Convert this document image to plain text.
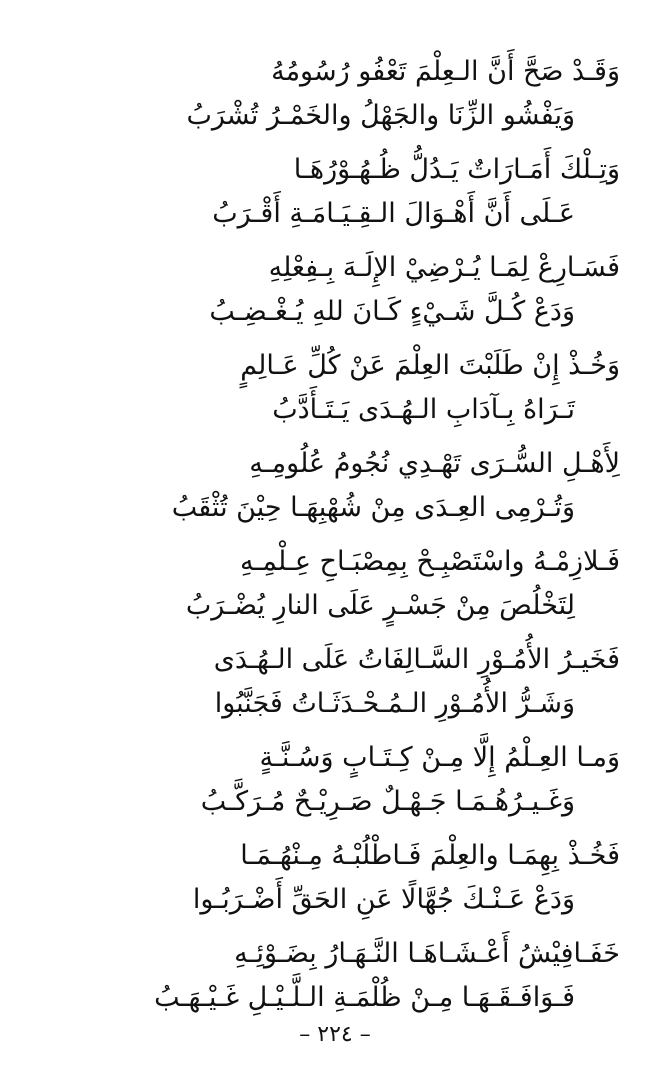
وَقَـدْ صَحَّ أَنَّ الـعِلْمَ تَعْفُو رُسُومُهُ
وَيَفْشُو الزِّنَا والجَهْلُ والخَمْـرُ تُشْرَبُ
وَتِـلْكَ أَمَـارَاتٌ يَـدُلُّ ظُـهُـوْرُهَـا
عَـلَى أَنَّ أَهْـوَالَ الـقِـيَـامَـةِ أَقْـرَبُ
فَسَـارِعْ لِمَـا يُـرْضِيْ الإِلَـهَ بِـفِعْلِهِ
وَدَعْ كُـلَّ شَـيْءٍ كَـانَ للهِ يُـغْـضِـبُ
وَخُـذْ إِنْ طَلَبْتَ العِلْمَ عَنْ كُلِّ عَـالِمٍ
تَـرَاهُ بِـآدَابِ الـهُـدَى يَـتَـأَدَّبُ
لِأَهْـلِ السُّـرَى تَهْـدِي نُجُومُ عُلُومِـهِ
وَتُـرْمِى العِـدَى مِنْ شُهْبِهَـا حِيْنَ تُثْقَبُ
فَـلازِمْـهُ واسْتَصْبِـحْ بِمِصْبَـاحِ عِـلْمِـهِ
لِتَخْلُصَ مِنْ جَسْـرٍ عَلَى النارِ يُضْـرَبُ
فَخَيـرُ الأُمُـوْرِ السَّـالِفَاتُ عَلَى الـهُـدَى
وَشَـرُّ الأُمُـوْرِ الـمُـحْـدَثَـاتُ فَجَنَّبُوا
وَمـا العِـلْمُ إِلَّا مِـنْ كِـتَـابٍ وَسُـنَّـةٍ
وَغَـيـرُهُـمَـا جَـهْـلٌ صَـرِيْـحٌ مُـرَكَّـبُ
فَخُـذْ بِهِمَـا والعِلْمَ فَـاطْلُبْـهُ مِـنْهُـمَـا
وَدَعْ عَـنْـكَ جُهَّالًا عَنِ الحَقِّ أَضْـرَبُـوا
خَفَـافِيْشُ أَعْـشَـاهَـا النَّـهَـارُ بِضَـوْئِـهِ
فَـوَافَـقَـهَـا مِـنْ ظُلْمَـةِ الـلَّـيْـلِ غَـيْـهَـبُ
– ٢٢٤ –
